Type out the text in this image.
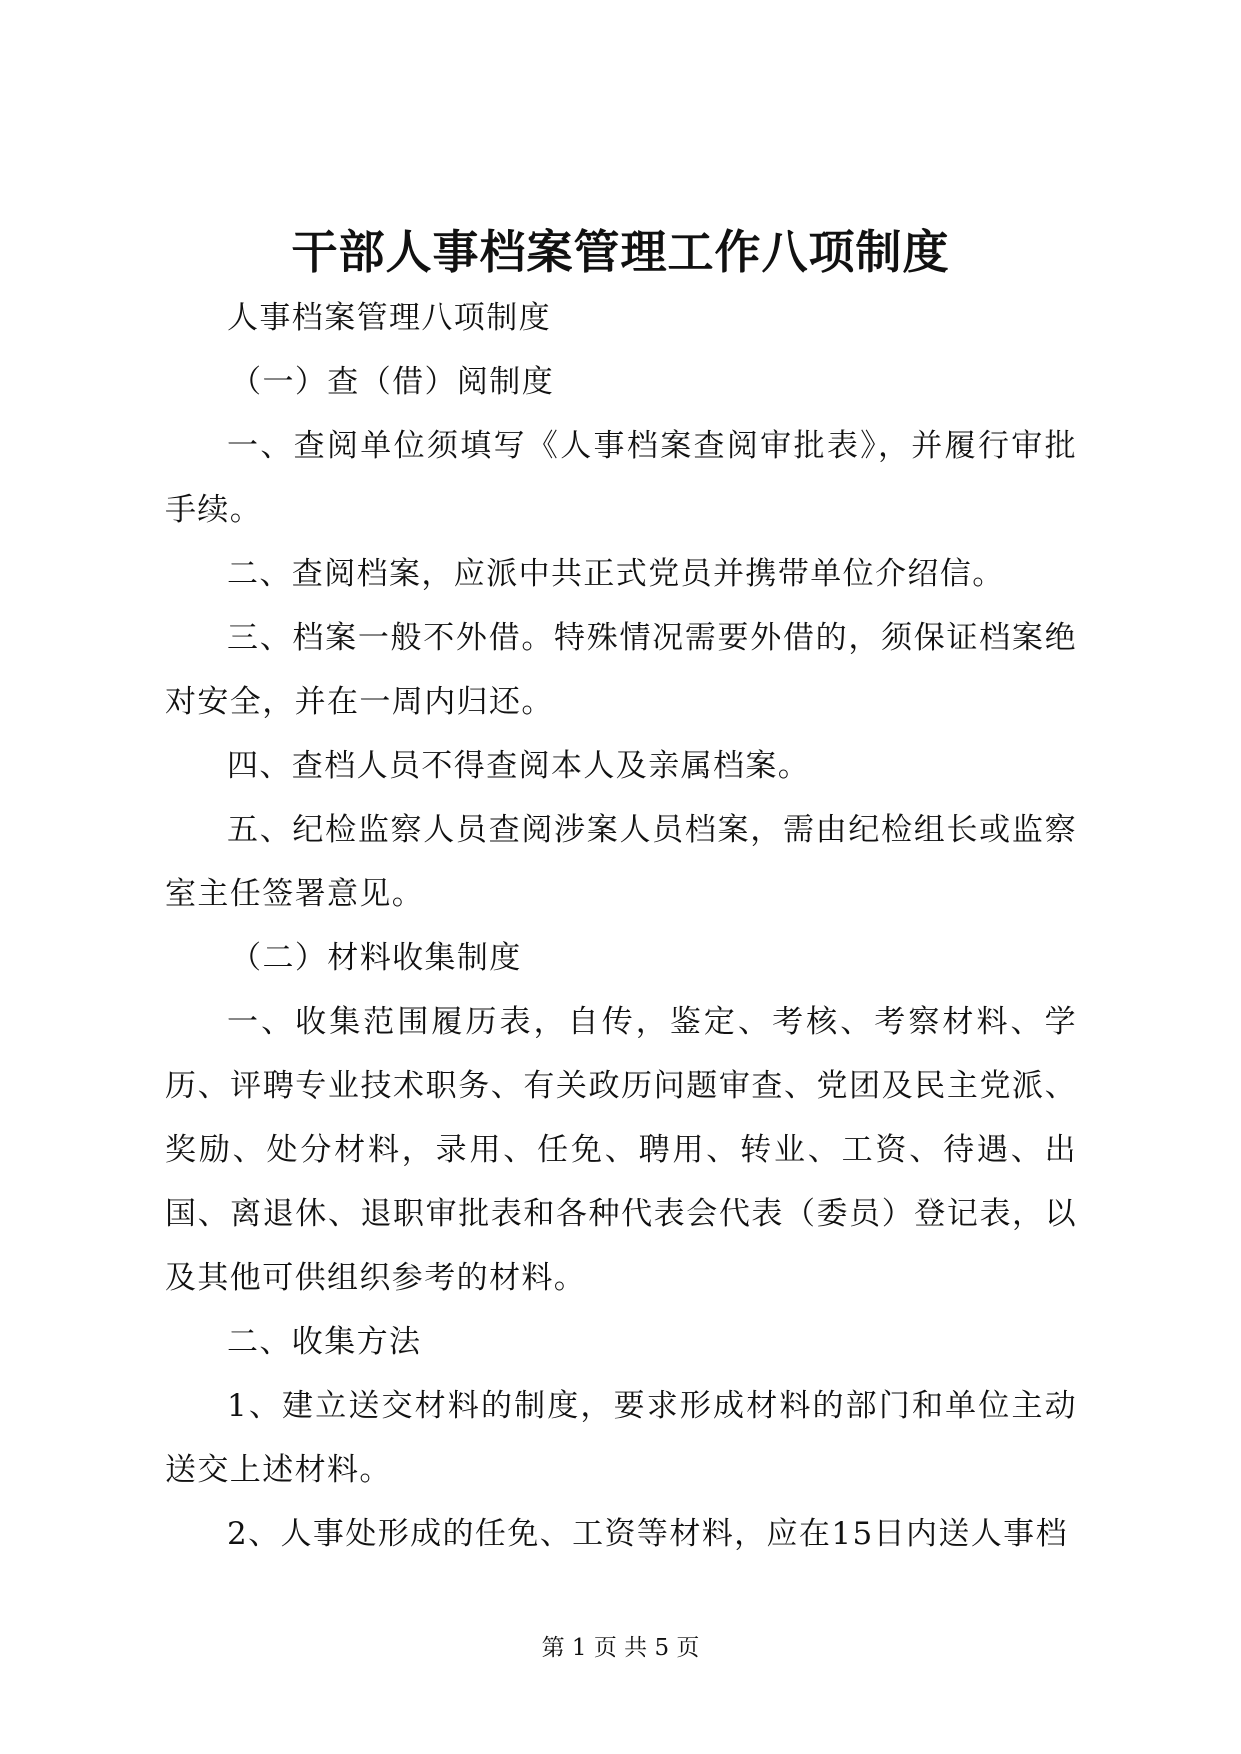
干部人事档案管理工作八项制度

人事档案管理八项制度

（一）查（借）阅制度

一、查阅单位须填写《人事档案查阅审批表》，并履行审批手续。

二、查阅档案，应派中共正式党员并携带单位介绍信。

三、档案一般不外借。特殊情况需要外借的，须保证档案绝对安全，并在一周内归还。

四、查档人员不得查阅本人及亲属档案。

五、纪检监察人员查阅涉案人员档案，需由纪检组长或监察室主任签署意见。

（二）材料收集制度

一、收集范围履历表，自传，鉴定、考核、考察材料、学历、评聘专业技术职务、有关政历问题审查、党团及民主党派、奖励、处分材料，录用、任免、聘用、转业、工资、待遇、出国、离退休、退职审批表和各种代表会代表（委员）登记表，以及其他可供组织参考的材料。

二、收集方法

1、建立送交材料的制度，要求形成材料的部门和单位主动送交上述材料。

2、人事处形成的任免、工资等材料，应在15日内送人事档

第 1 页 共 5 页
